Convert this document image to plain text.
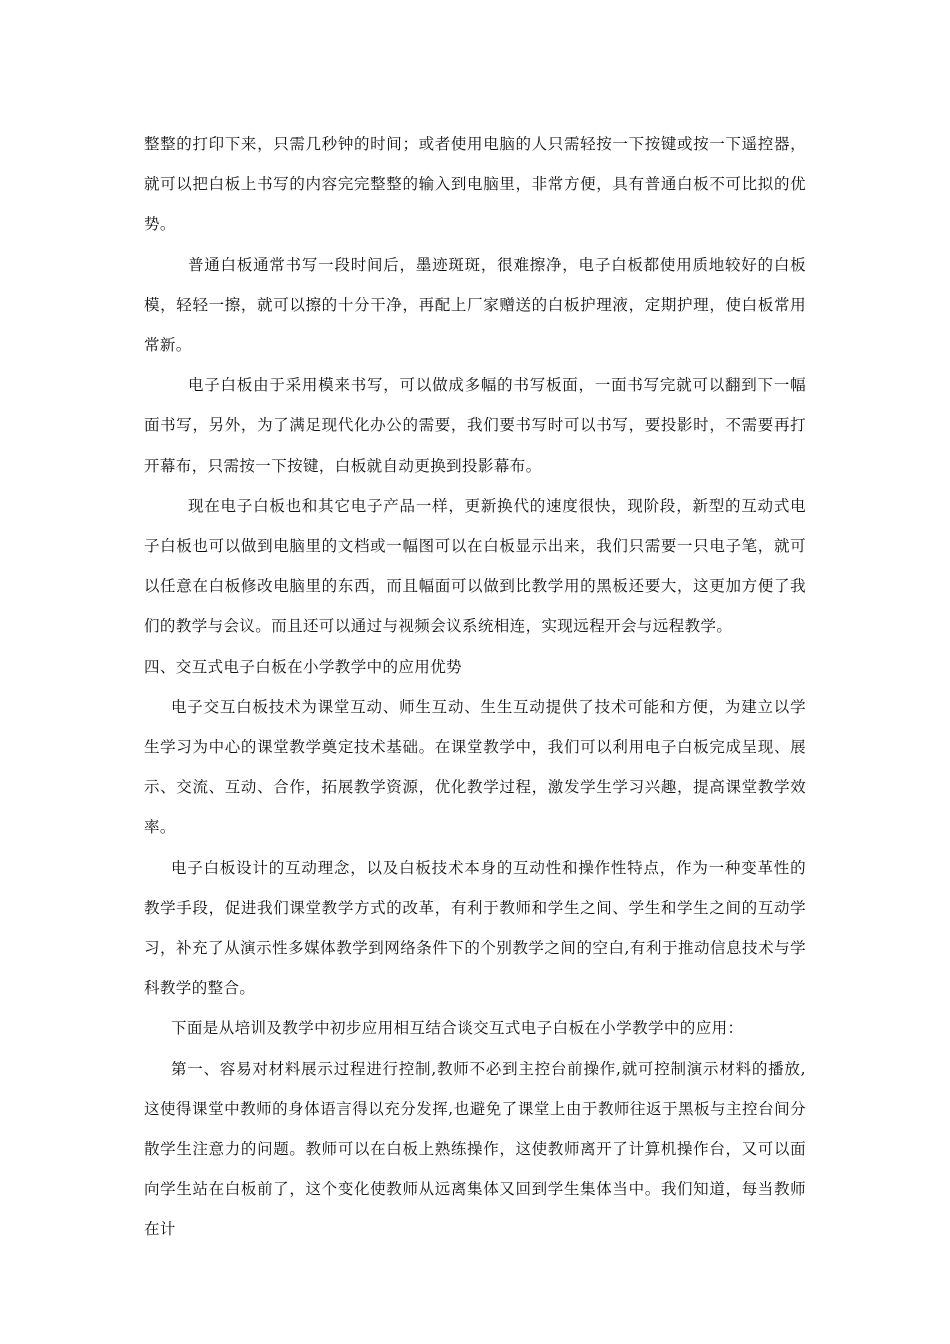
整整的打印下来，只需几秒钟的时间；或者使用电脑的人只需轻按一下按键或按一下遥控器，就可以把白板上书写的内容完完整整的输入到电脑里，非常方便，具有普通白板不可比拟的优势。

普通白板通常书写一段时间后，墨迹斑斑，很难擦净，电子白板都使用质地较好的白板模，轻轻一擦，就可以擦的十分干净，再配上厂家赠送的白板护理液，定期护理，使白板常用常新。

电子白板由于采用模来书写，可以做成多幅的书写板面，一面书写完就可以翻到下一幅面书写，另外，为了满足现代化办公的需要，我们要书写时可以书写，要投影时，不需要再打开幕布，只需按一下按键，白板就自动更换到投影幕布。

现在电子白板也和其它电子产品一样，更新换代的速度很快，现阶段，新型的互动式电子白板也可以做到电脑里的文档或一幅图可以在白板显示出来，我们只需要一只电子笔，就可以任意在白板修改电脑里的东西，而且幅面可以做到比教学用的黑板还要大，这更加方便了我们的教学与会议。而且还可以通过与视频会议系统相连，实现远程开会与远程教学。

四、交互式电子白板在小学教学中的应用优势

电子交互白板技术为课堂互动、师生互动、生生互动提供了技术可能和方便，为建立以学生学习为中心的课堂教学奠定技术基础。在课堂教学中，我们可以利用电子白板完成呈现、展示、交流、互动、合作，拓展教学资源，优化教学过程，激发学生学习兴趣，提高课堂教学效率。

电子白板设计的互动理念，以及白板技术本身的互动性和操作性特点，作为一种变革性的教学手段，促进我们课堂教学方式的改革，有利于教师和学生之间、学生和学生之间的互动学习，补充了从演示性多媒体教学到网络条件下的个别教学之间的空白,有利于推动信息技术与学科教学的整合。

下面是从培训及教学中初步应用相互结合谈交互式电子白板在小学教学中的应用：

第一、容易对材料展示过程进行控制,教师不必到主控台前操作,就可控制演示材料的播放,这使得课堂中教师的身体语言得以充分发挥,也避免了课堂上由于教师往返于黑板与主控台间分散学生注意力的问题。教师可以在白板上熟练操作，这使教师离开了计算机操作台，又可以面向学生站在白板前了，这个变化使教师从远离集体又回到学生集体当中。我们知道，每当教师在计
